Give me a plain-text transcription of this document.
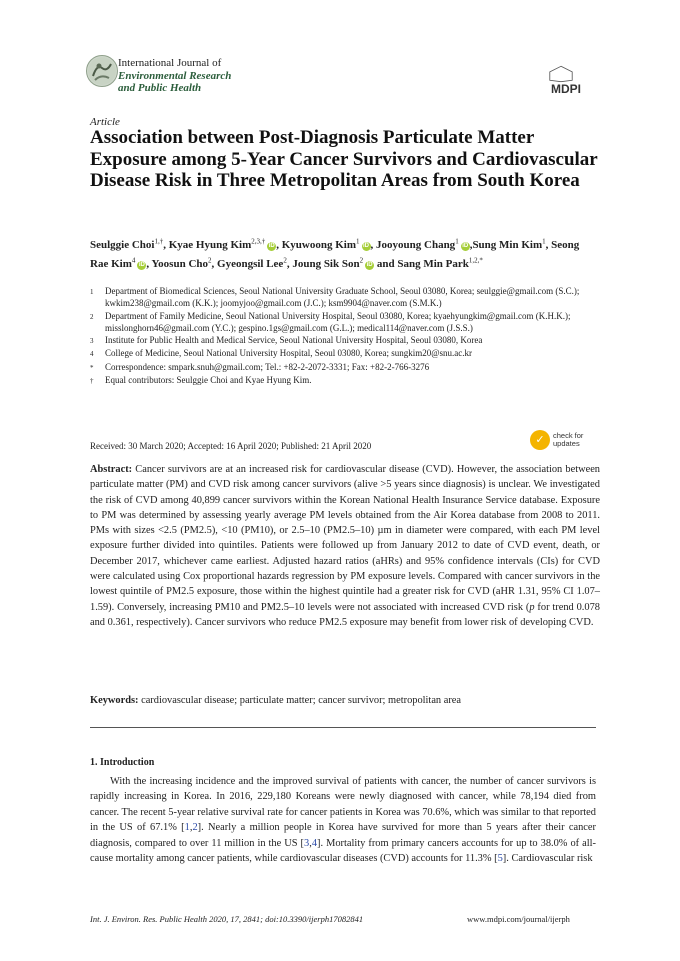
International Journal of
Environmental Research
and Public Health	MDPI
Article
Association between Post-Diagnosis Particulate Matter Exposure among 5-Year Cancer Survivors and Cardiovascular Disease Risk in Three Metropolitan Areas from South Korea
Seulggie Choi$^{1,\dagger}$, Kyae Hyung Kim$^{2,3,\dagger}$iD , Kyuwoong Kim$^1$iD , Jooyoung Chang$^1$iD ,Sung Min Kim$^1$, Seong Rae Kim$^4$iD , Yoosun Cho$^2$, Gyeongsil Lee$^2$, Joung Sik Son$^2$iD and Sang Min Park$^{1,2,*}$
1	Department of Biomedical Sciences, Seoul National University Graduate School, Seoul 03080, Korea; seulggie@gmail.com (S.C.); kwkim238@gmail.com (K.K.); joomyjoo@gmail.com (J.C.); ksm9904@naver.com (S.M.K.)
2	Department of Family Medicine, Seoul National University Hospital, Seoul 03080, Korea; kyaehyungkim@gmail.com (K.H.K.); misslonghorn46@gmail.com (Y.C.); gespino.1gs@gmail.com (G.L.); medical114@naver.com (J.S.S.)
3	Institute for Public Health and Medical Service, Seoul National University Hospital, Seoul 03080, Korea
4	College of Medicine, Seoul National University Hospital, Seoul 03080, Korea; sungkim20@snu.ac.kr
*	Correspondence: smpark.snuh@gmail.com; Tel.: +82-2-2072-3331; Fax: +82-2-766-3276
†	Equal contributors: Seulggie Choi and Kyae Hyung Kim.
Received: 30 March 2020; Accepted: 16 April 2020; Published: 21 April 2020	✓	check for
updates
Abstract: Cancer survivors are at an increased risk for cardiovascular disease (CVD). However, the association between particulate matter (PM) and CVD risk among cancer survivors (alive >5 years since diagnosis) is unclear. We investigated the risk of CVD among 40,899 cancer survivors within the Korean National Health Insurance Service database. Exposure to PM was determined by assessing yearly average PM levels obtained from the Air Korea database from 2008 to 2011. PMs with sizes <2.5 (PM2.5), <10 (PM10), or 2.5–10 (PM2.5–10) µm in diameter were compared, with each PM level exposure further divided into quintiles. Patients were followed up from January 2012 to date of CVD event, death, or December 2017, whichever came earliest. Adjusted hazard ratios (aHRs) and 95% confidence intervals (CIs) for CVD were calculated using Cox proportional hazards regression by PM exposure levels. Compared with cancer survivors in the lowest quintile of PM2.5 exposure, those within the highest quintile had a greater risk for CVD (aHR 1.31, 95% CI 1.07–1.59). Conversely, increasing PM10 and PM2.5–10 levels were not associated with increased CVD risk (p for trend 0.078 and 0.361, respectively). Cancer survivors who reduce PM2.5 exposure may benefit from lower risk of developing CVD.
Keywords: cardiovascular disease; particulate matter; cancer survivor; metropolitan area
1. Introduction
With the increasing incidence and the improved survival of patients with cancer, the number of cancer survivors is rapidly increasing in Korea. In 2016, 229,180 Koreans were newly diagnosed with cancer, while 78,194 died from cancer. The recent 5-year relative survival rate for cancer patients in Korea was 70.6%, which was similar to that reported in the US of 67.1% [1,2]. Nearly a million people in Korea have survived for more than 5 years after their cancer diagnosis, compared to over 11 million in the US [3,4]. Mortality from primary cancers accounts for up to 38.0% of all-cause mortality among cancer patients, while cardiovascular diseases (CVD) accounts for 11.3% [5]. Cardiovascular risk
Int. J. Environ. Res. Public Health 2020, 17, 2841; doi:10.3390/ijerph17082841	www.mdpi.com/journal/ijerph
